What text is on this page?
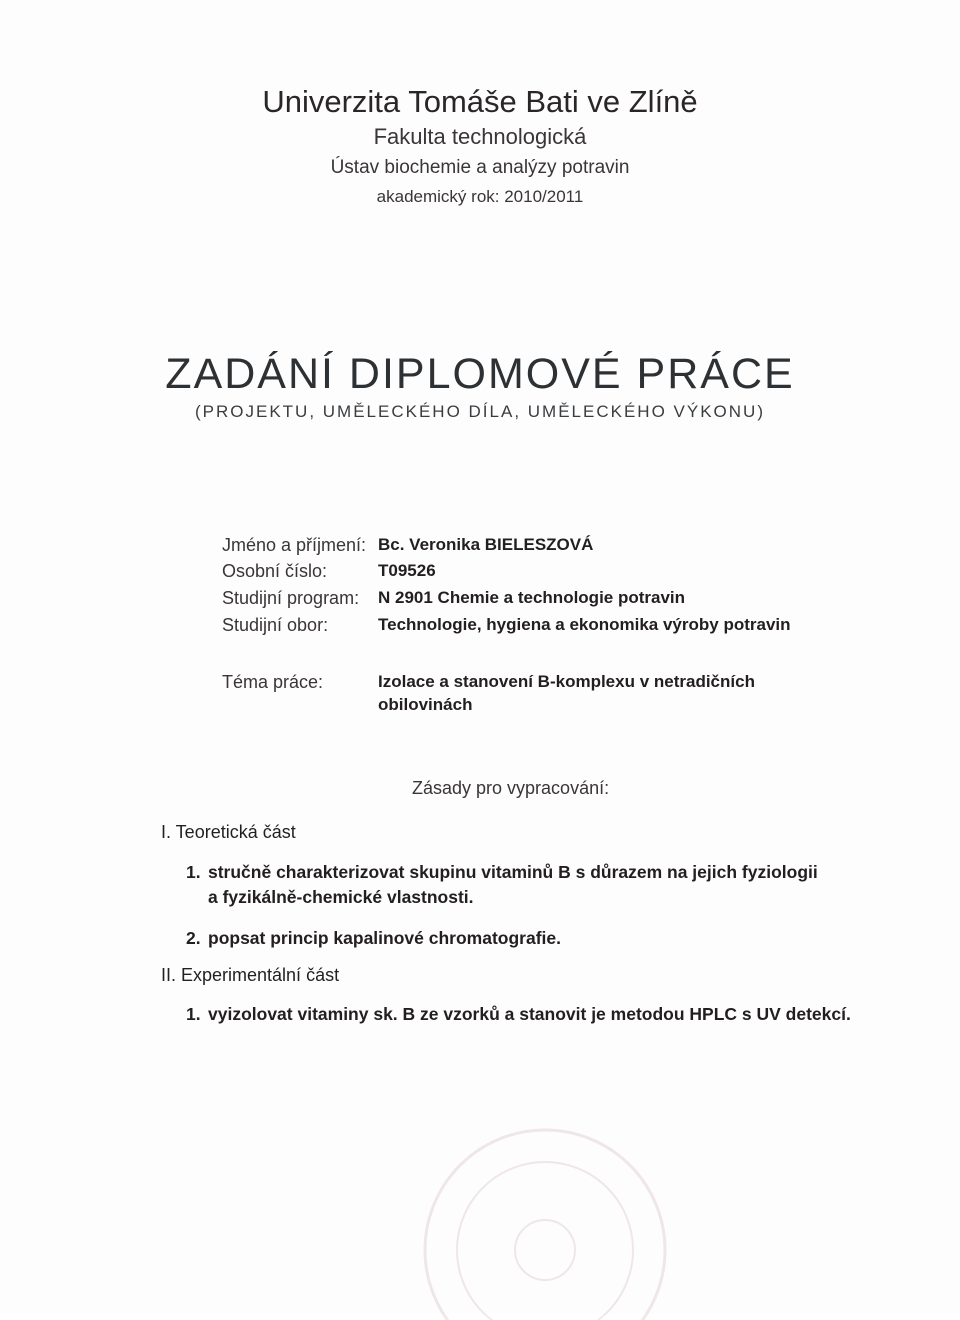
Univerzita Tomáše Bati ve Zlíně
Fakulta technologická
Ústav biochemie a analýzy potravin
akademický rok: 2010/2011
ZADÁNÍ DIPLOMOVÉ PRÁCE
(PROJEKTU, UMĚLECKÉHO DÍLA, UMĚLECKÉHO VÝKONU)
Jméno a příjmení: Bc. Veronika BIELESZOVÁ
Osobní číslo:	T09526
Studijní program: N 2901 Chemie a technologie potravin
Studijní obor:	Technologie, hygiena a ekonomika výroby potravin
Téma práce:	Izolace a stanovení B-komplexu v netradičních
obilovinách
Zásady pro vypracování:
I. Teoretická část
1. stručně charakterizovat skupinu vitaminů B s důrazem na jejich fyziologii
a fyzikálně-chemické vlastnosti.
2. popsat princip kapalinové chromatografie.
II. Experimentální část
1. vyizolovat vitaminy sk. B ze vzorků a stanovit je metodou HPLC s UV detekcí.
